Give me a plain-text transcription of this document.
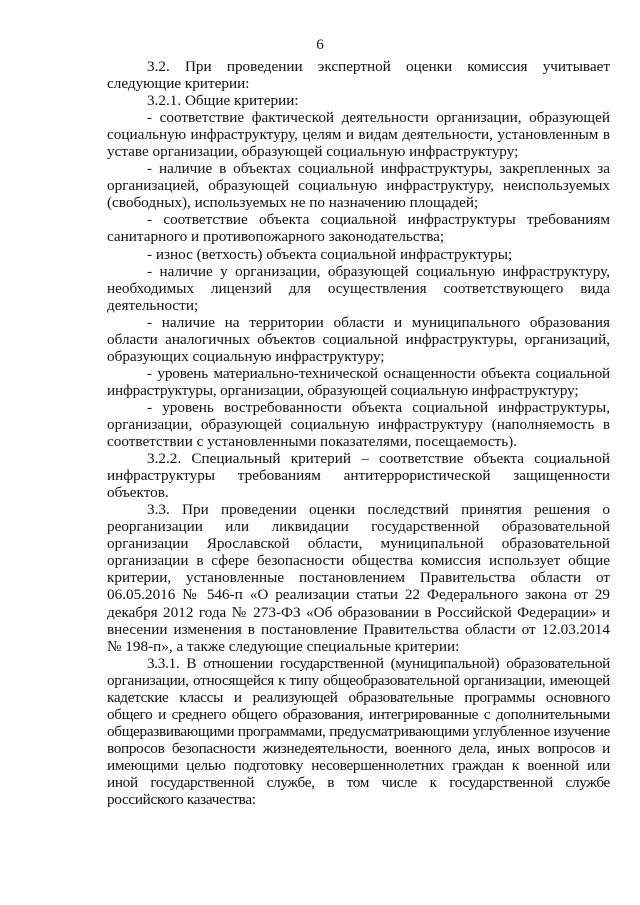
6

3.2. При проведении экспертной оценки комиссия учитывает следующие критерии:

3.2.1. Общие критерии:

- соответствие фактической деятельности организации, образующей социальную инфраструктуру, целям и видам деятельности, установленным в уставе организации, образующей социальную инфраструктуру;

- наличие в объектах социальной инфраструктуры, закрепленных за организацией, образующей социальную инфраструктуру, неиспользуемых (свободных), используемых не по назначению площадей;

- соответствие объекта социальной инфраструктуры требованиям санитарного и противопожарного законодательства;

- износ (ветхость) объекта социальной инфраструктуры;

- наличие у организации, образующей социальную инфраструктуру, необходимых лицензий для осуществления соответствующего вида деятельности;

- наличие на территории области и муниципального образования области аналогичных объектов социальной инфраструктуры, организаций, образующих социальную инфраструктуру;

- уровень материально-технической оснащенности объекта социальной инфраструктуры, организации, образующей социальную инфраструктуру;

- уровень востребованности объекта социальной инфраструктуры, организации, образующей социальную инфраструктуру (наполняемость в соответствии с установленными показателями, посещаемость).

3.2.2. Специальный критерий – соответствие объекта социальной инфраструктуры требованиям антитеррористической защищенности объектов.

3.3. При проведении оценки последствий принятия решения о реорганизации или ликвидации государственной образовательной организации Ярославской области, муниципальной образовательной организации в сфере безопасности общества комиссия использует общие критерии, установленные постановлением Правительства области от 06.05.2016 № 546-п «О реализации статьи 22 Федерального закона от 29 декабря 2012 года № 273-ФЗ «Об образовании в Российской Федерации» и внесении изменения в постановление Правительства области от 12.03.2014 № 198-п», а также следующие специальные критерии:

3.3.1. В отношении государственной (муниципальной) образовательной организации, относящейся к типу общеобразовательной организации, имеющей кадетские классы и реализующей образовательные программы основного общего и среднего общего образования, интегрированные с дополнительными общеразвивающими программами, предусматривающими углубленное изучение вопросов безопасности жизнедеятельности, военного дела, иных вопросов и имеющими целью подготовку несовершеннолетних граждан к военной или иной государственной службе, в том числе к государственной службе российского казачества:
